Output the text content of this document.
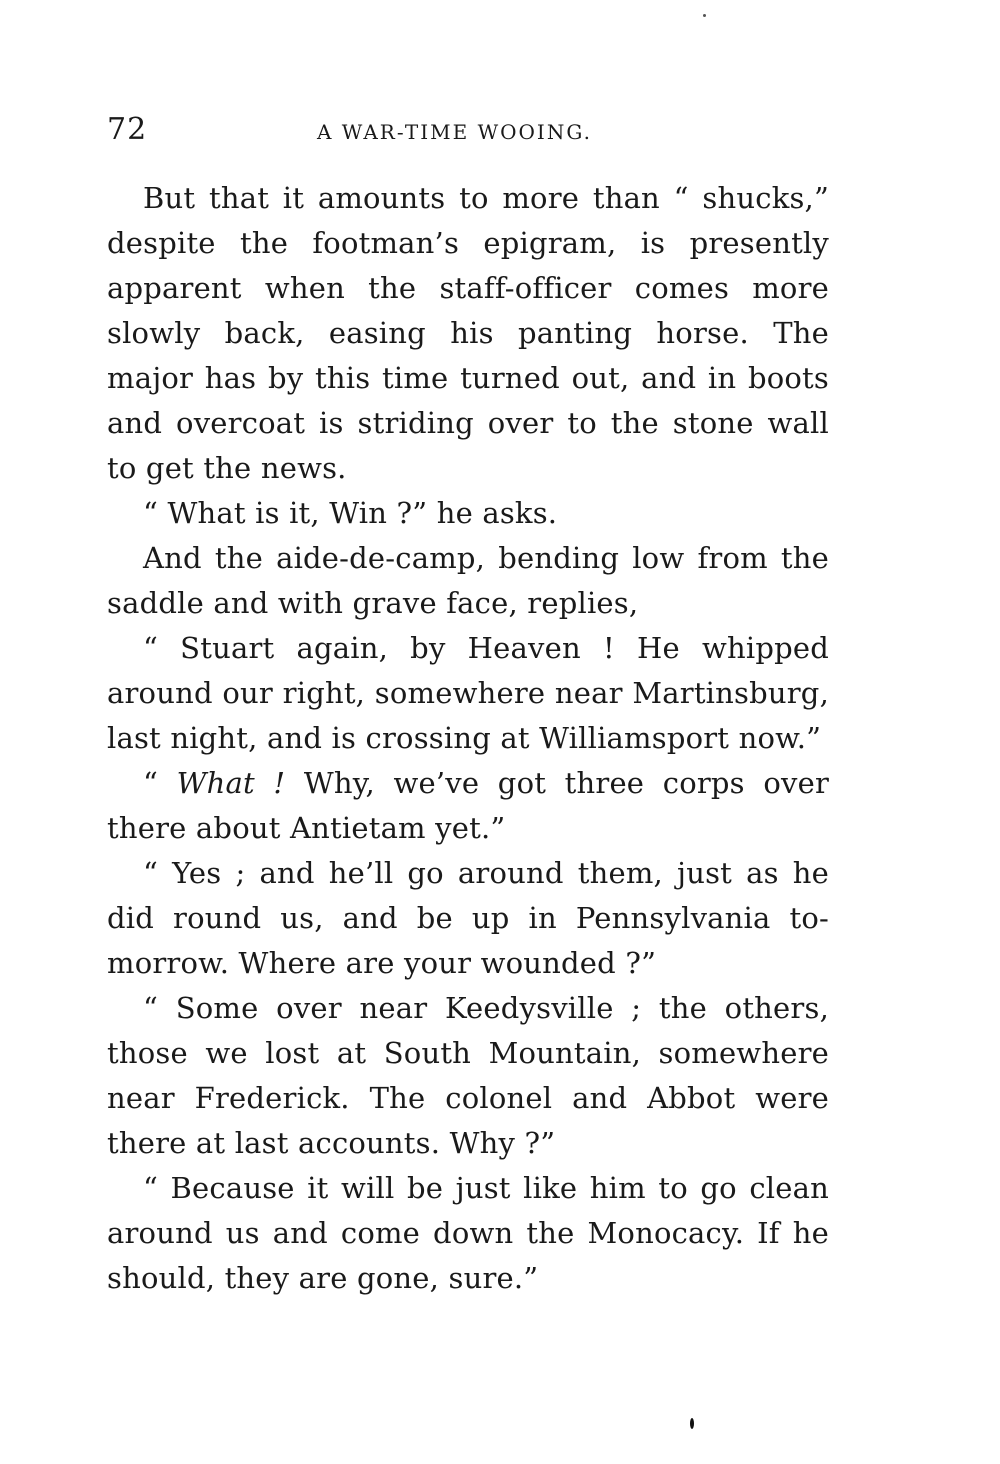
72	A WAR-TIME WOOING.

But that it amounts to more than “ shucks,” despite the footman’s epigram, is presently apparent when the staff-officer comes more slowly back, easing his panting horse. The major has by this time turned out, and in boots and overcoat is striding over to the stone wall to get the news.

“ What is it, Win ?” he asks.

And the aide-de-camp, bending low from the saddle and with grave face, replies,

“ Stuart again, by Heaven ! He whipped around our right, somewhere near Martinsburg, last night, and is crossing at Williamsport now.”

“ What ! Why, we’ve got three corps over there about Antietam yet.”

“ Yes ; and he’ll go around them, just as he did round us, and be up in Pennsylvania to-morrow. Where are your wounded ?”

“ Some over near Keedysville ; the others, those we lost at South Mountain, somewhere near Frederick. The colonel and Abbot were there at last accounts. Why ?”

“ Because it will be just like him to go clean around us and come down the Monocacy. If he should, they are gone, sure.”
